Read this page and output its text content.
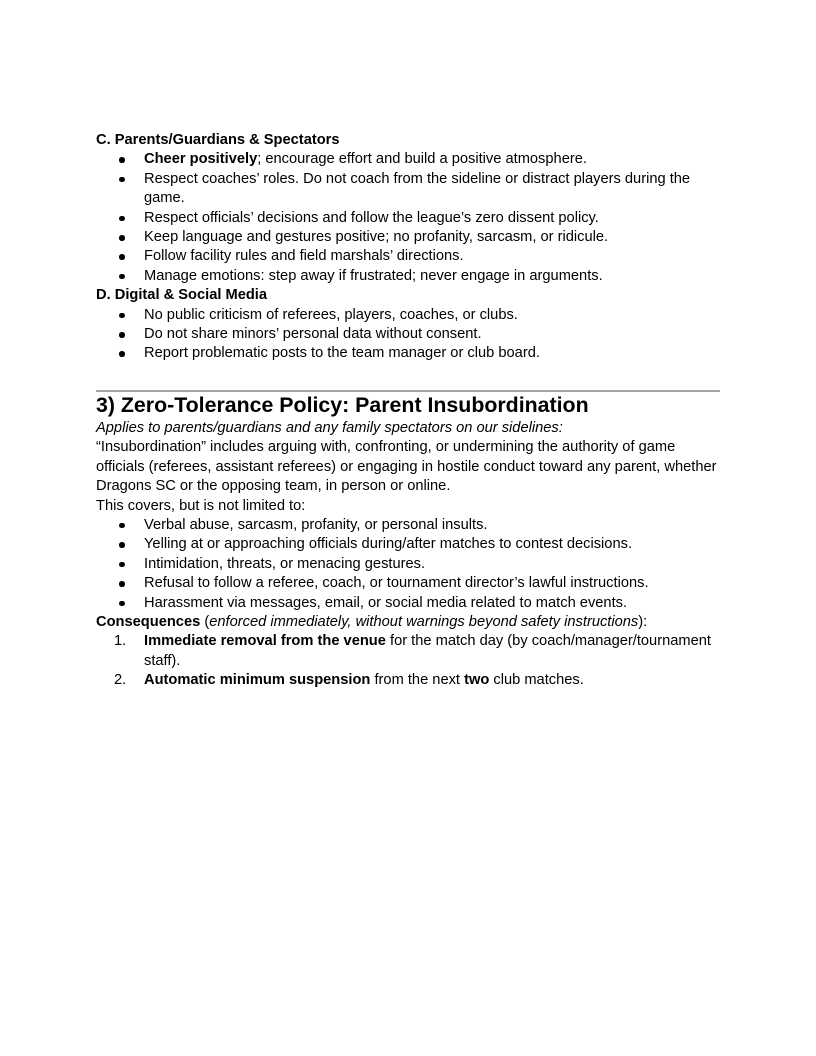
C. Parents/Guardians & Spectators
Cheer positively; encourage effort and build a positive atmosphere.
Respect coaches’ roles. Do not coach from the sideline or distract players during the game.
Respect officials’ decisions and follow the league’s zero dissent policy.
Keep language and gestures positive; no profanity, sarcasm, or ridicule.
Follow facility rules and field marshals’ directions.
Manage emotions: step away if frustrated; never engage in arguments.
D. Digital & Social Media
No public criticism of referees, players, coaches, or clubs.
Do not share minors’ personal data without consent.
Report problematic posts to the team manager or club board.
3) Zero‑Tolerance Policy: Parent Insubordination

Applies to parents/guardians and any family spectators on our sidelines:

“Insubordination” includes arguing with, confronting, or undermining the authority of game officials (referees, assistant referees) or engaging in hostile conduct toward any parent, whether Dragons SC or the opposing team, in person or online.

This covers, but is not limited to:

Verbal abuse, sarcasm, profanity, or personal insults.
Yelling at or approaching officials during/after matches to contest decisions.
Intimidation, threats, or menacing gestures.
Refusal to follow a referee, coach, or tournament director’s lawful instructions.
Harassment via messages, email, or social media related to match events.

Consequences (enforced immediately, without warnings beyond safety instructions):

1. Immediate removal from the venue for the match day (by coach/manager/tournament staff).
2. Automatic minimum suspension from the next two club matches.
